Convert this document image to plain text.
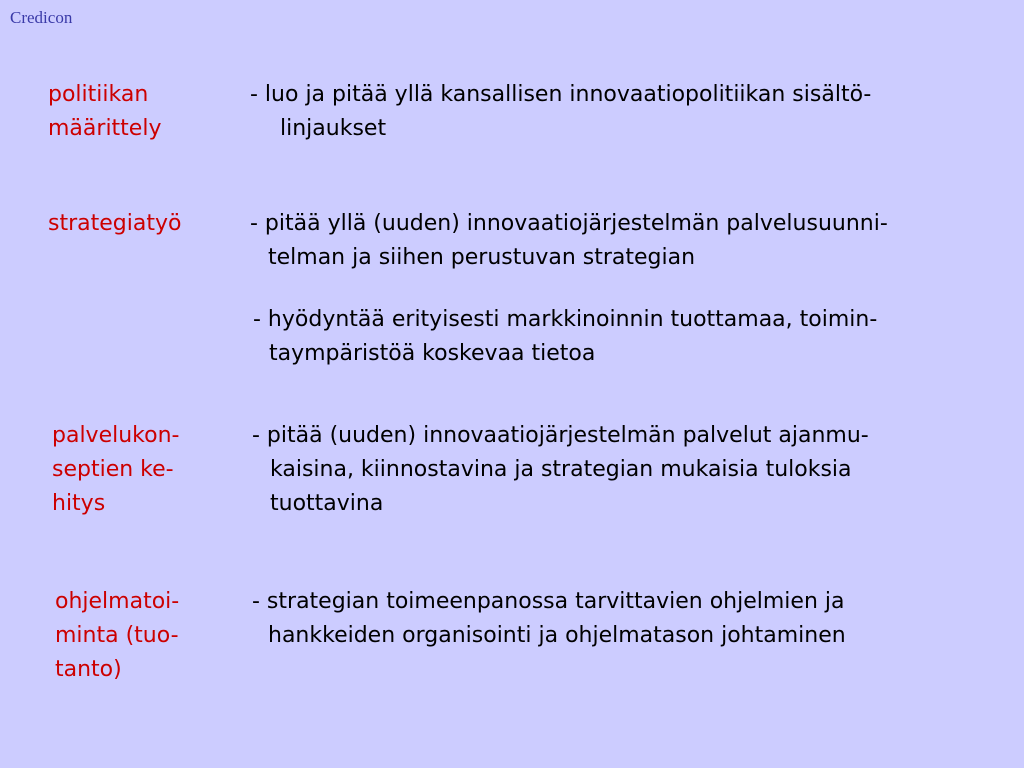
Credicon
politiikan
määrittely
- luo ja pitää yllä kansallisen innovaatiopolitiikan sisältö-
linjaukset
strategiatyö	- pitää yllä (uuden) innovaatiojärjestelmän palvelusuunni-
telman ja siihen perustuvan strategian
- hyödyntää erityisesti markkinoinnin tuottamaa, toimin-
taympäristöä koskevaa tietoa
palvelukon-
septien ke-
hitys
- pitää (uuden) innovaatiojärjestelmän palvelut ajanmu-
kaisina, kiinnostavina ja strategian mukaisia tuloksia
tuottavina
ohjelmatoi-
minta (tuo-
tanto)
- strategian toimeenpanossa tarvittavien ohjelmien ja
hankkeiden organisointi ja ohjelmatason johtaminen
